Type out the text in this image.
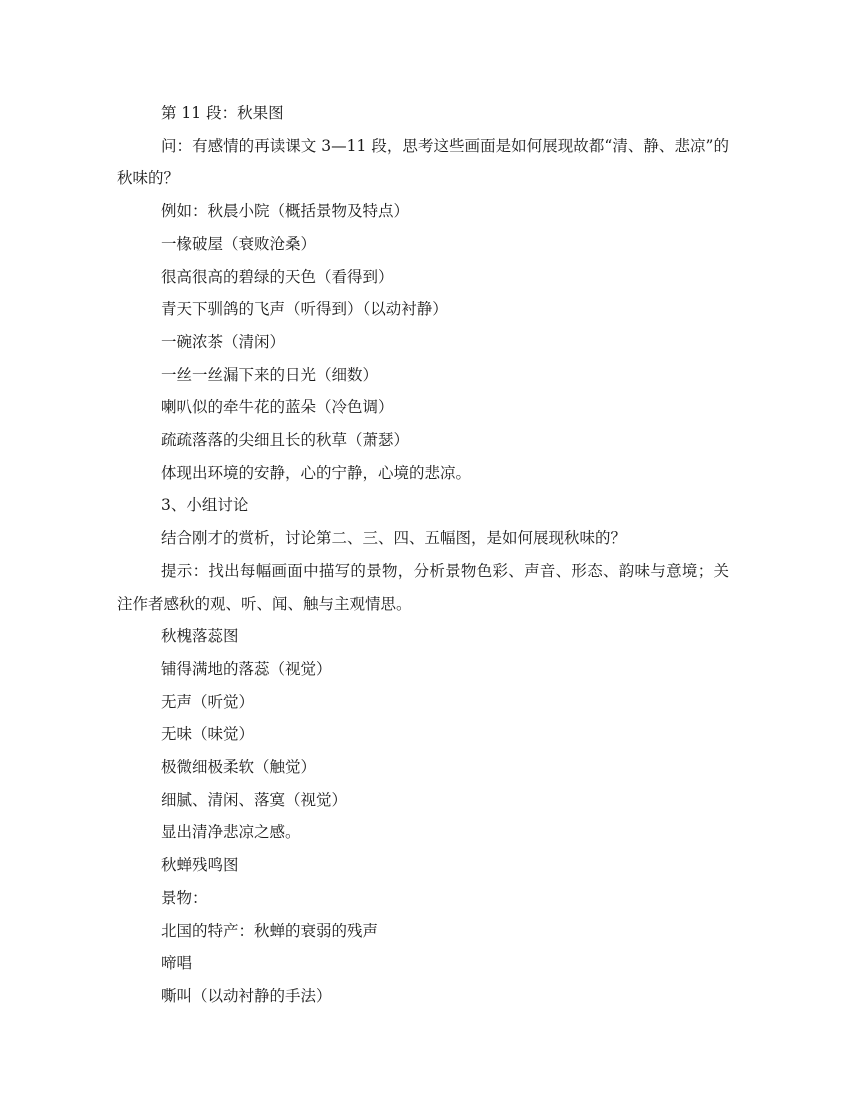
第 11 段：秋果图

问：有感情的再读课文 3—11 段，思考这些画面是如何展现故都“清、静、悲凉”的秋味的？

例如：秋晨小院（概括景物及特点）

一椽破屋（衰败沧桑）

很高很高的碧绿的天色（看得到）

青天下驯鸽的飞声（听得到）（以动衬静）

一碗浓茶（清闲）

一丝一丝漏下来的日光（细数）

喇叭似的牵牛花的蓝朵（冷色调）

疏疏落落的尖细且长的秋草（萧瑟）

体现出环境的安静，心的宁静，心境的悲凉。

3、小组讨论

结合刚才的赏析，讨论第二、三、四、五幅图，是如何展现秋味的？

提示：找出每幅画面中描写的景物，分析景物色彩、声音、形态、韵味与意境；关注作者感秋的观、听、闻、触与主观情思。

秋槐落蕊图

铺得满地的落蕊（视觉）

无声（听觉）

无味（味觉）

极微细极柔软（触觉）

细腻、清闲、落寞（视觉）

显出清净悲凉之感。

秋蝉残鸣图

景物：

北国的特产：秋蝉的衰弱的残声

啼唱

嘶叫（以动衬静的手法）
